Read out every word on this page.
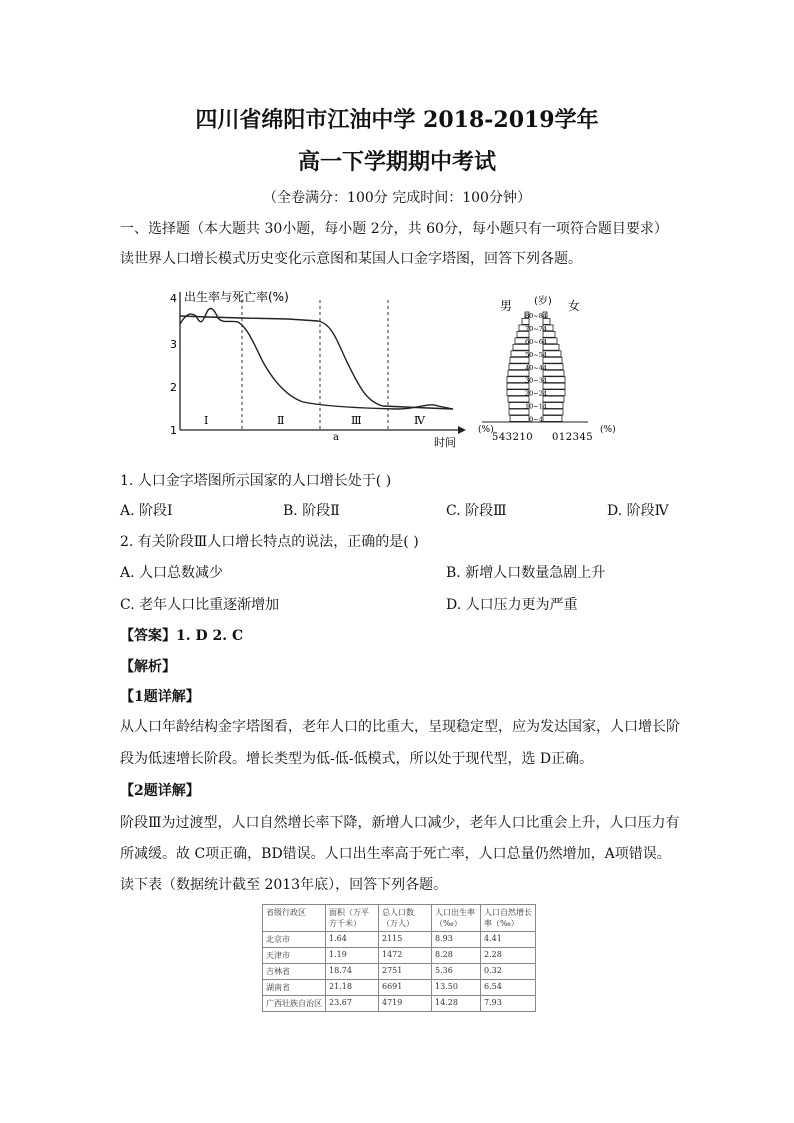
四川省绵阳市江油中学 2018-2019学年
高一下学期期中考试
（全卷满分：100分 完成时间：100分钟）
一、选择题（本大题共 30小题，每小题 2分，共 60分，每小题只有一项符合题目要求）
读世界人口增长模式历史变化示意图和某国人口金字塔图，回答下列各题。
4
3
2
1
出生率与死亡率(%)
Ⅰ	Ⅱ	Ⅲ	Ⅳ
a	时间
男	女
(岁)
80~84
70~74
60~64
50~54
40~44
30~34
20~24
10~14
0~4
(%)	(%)
543210 012345
1. 人口金字塔图所示国家的人口增长处于( )
A. 阶段Ⅰ	B. 阶段Ⅱ	C. 阶段Ⅲ	D. 阶段Ⅳ
2. 有关阶段Ⅲ人口增长特点的说法，正确的是( )
A. 人口总数减少	B. 新增人口数量急剧上升
C. 老年人口比重逐渐增加	D. 人口压力更为严重
【答案】1. D 2. C
【解析】
【1题详解】
从人口年龄结构金字塔图看，老年人口的比重大，呈现稳定型，应为发达国家，人口增长阶
段为低速增长阶段。增长类型为低-低-低模式，所以处于现代型，选 D正确。
【2题详解】
阶段Ⅲ为过渡型，人口自然增长率下降，新增人口减少，老年人口比重会上升，人口压力有
所减缓。故 C项正确，BD错误。人口出生率高于死亡率，人口总量仍然增加，A项错误。
读下表（数据统计截至 2013年底），回答下列各题。
省级行政区	面积（万平方千米）	总人口数（万人）	人口出生率（‰）	人口自然增长率（‰）
北京市	1.64	2115	8.93	4.41
天津市	1.19	1472	8.28	2.28
吉林省	18.74	2751	5.36	0.32
湖南省	21.18	6691	13.50	6.54
广西壮族自治区	23.67	4719	14.28	7.93
